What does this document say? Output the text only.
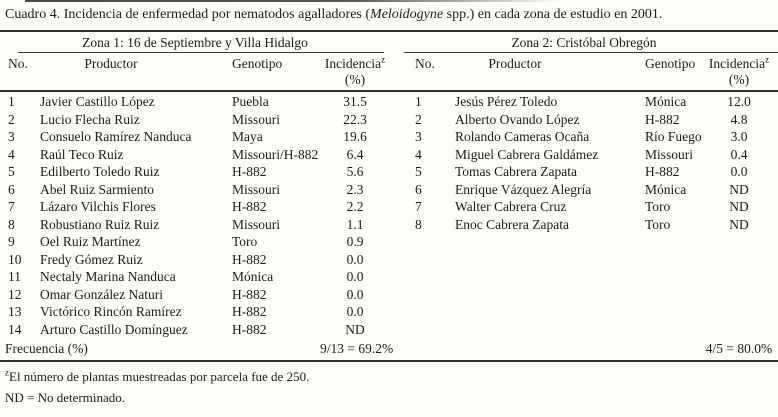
Cuadro 4. Incidencia de enfermedad por nematodos agalladores (Meloidogyne spp.) en cada zona de estudio en 2001.

Zona 1: 16 de Septiembre y Villa Hidalgo	Zona 2: Cristóbal Obregón
No.	Productor	Genotipo	Incidencia$^z$
(%)
No.	Productor	Genotipo	Incidencia$^z$
(%)
1	Javier Castillo López	Puebla	31.5
2	Lucio Flecha Ruiz	Missouri	22.3
3	Consuelo Ramírez Nanduca	Maya	19.6
4	Raúl Teco Ruiz	Missouri/H-882	6.4
5	Edilberto Toledo Ruiz	H-882	5.6
6	Abel Ruiz Sarmiento	Missouri	2.3
7	Lázaro Vilchis Flores	H-882	2.2
8	Robustiano Ruiz Ruiz	Missouri	1.1
9	Oel Ruiz Martínez	Toro	0.9
10	Fredy Gómez Ruiz	H-882	0.0
11	Nectaly Marina Nanduca	Mónica	0.0
12	Omar González Naturi	H-882	0.0
13	Victórico Rincón Ramírez	H-882	0.0
14	Arturo Castillo Domínguez	H-882	ND
1	Jesús Pérez Toledo	Mónica	12.0
2	Alberto Ovando López	H-882	4.8
3	Rolando Cameras Ocaña	Río Fuego	3.0
4	Miguel Cabrera Galdámez	Missouri	0.4
5	Tomas Cabrera Zapata	H-882	0.0
6	Enrique Vázquez Alegría	Mónica	ND
7	Walter Cabrera Cruz	Toro	ND
8	Enoc Cabrera Zapata	Toro	ND
Frecuencia (%)	9/13 = 69.2%	4/5 = 80.0%

$^z$El número de plantas muestreadas por parcela fue de 250.

ND = No determinado.
